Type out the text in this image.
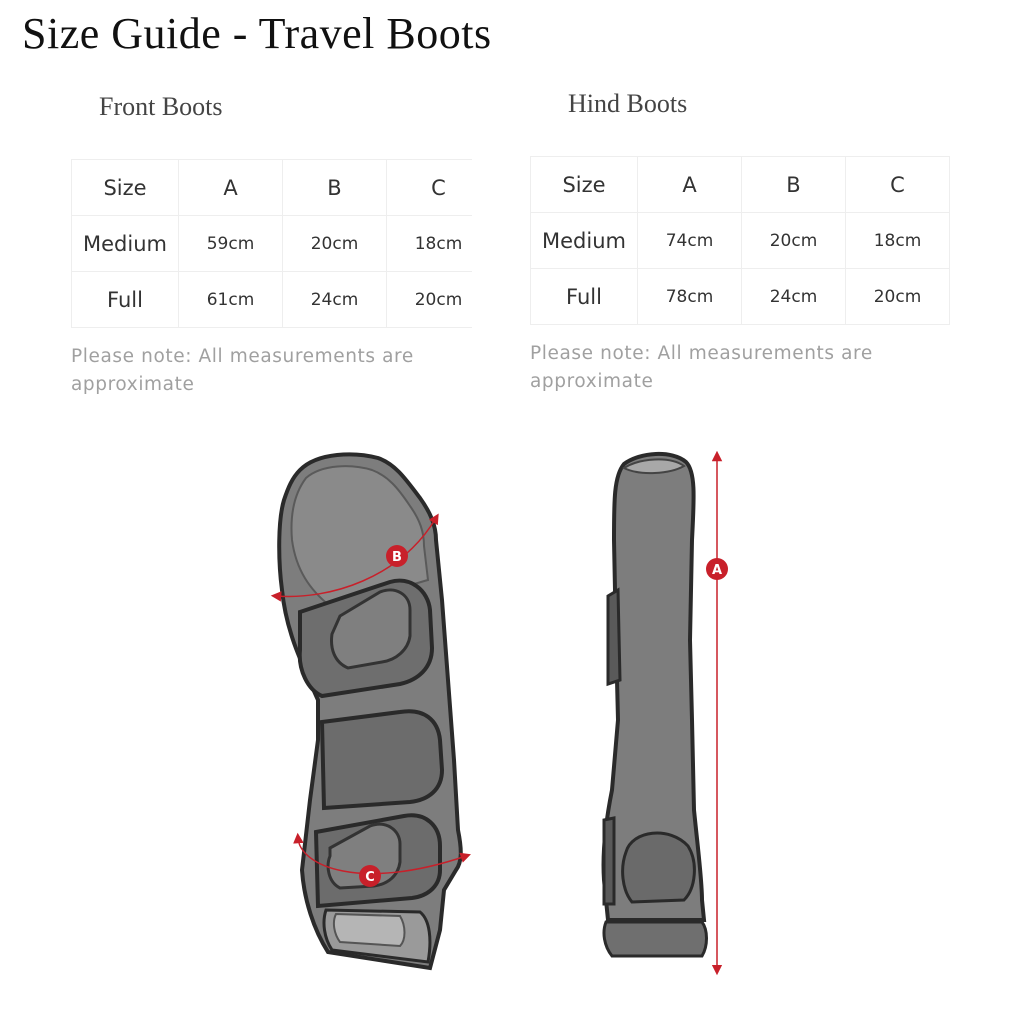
Size Guide - Travel Boots
Front Boots	Hind Boots
Size	A	B	C
Medium	59cm	20cm	18cm
Full	61cm	24cm	20cm
Size	A	B	C
Medium	74cm	20cm	18cm
Full	78cm	24cm	20cm

Please note: All measurements are approximate

Please note: All measurements are approximate

B
C
A
